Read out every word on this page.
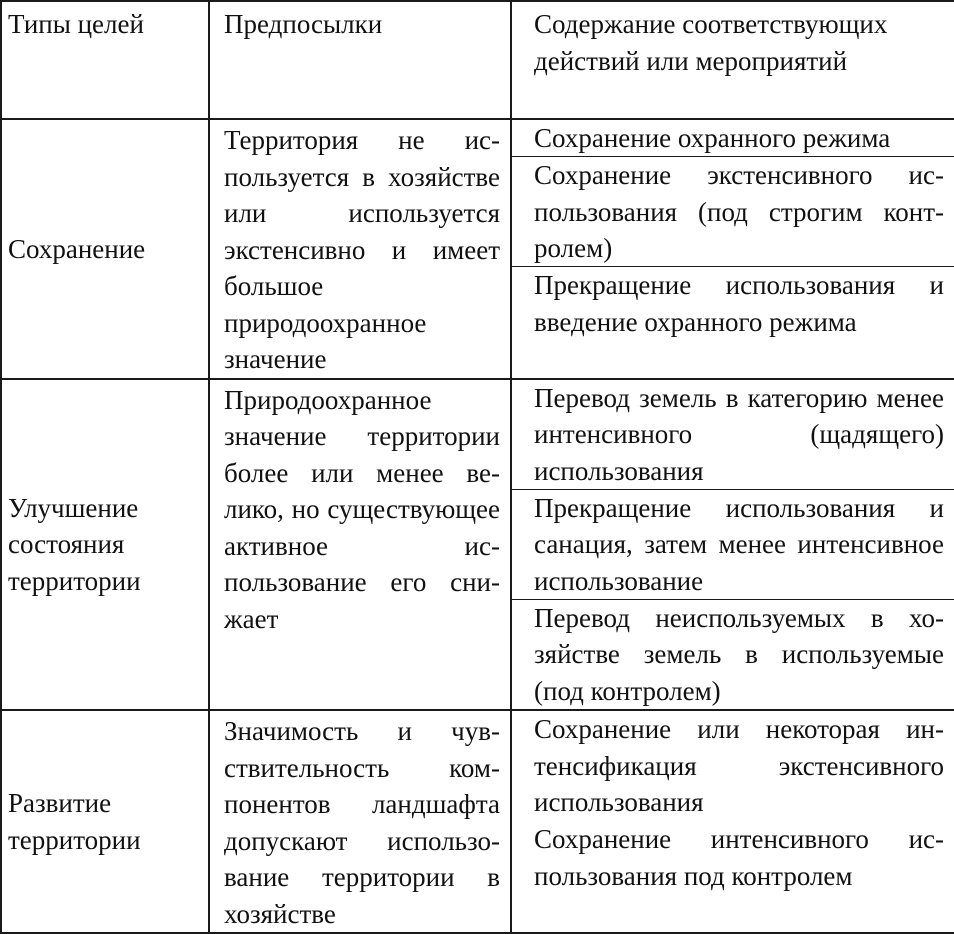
Типы целей	Предпосылки	Содержание соответствующих действий или мероприятий

Сохранение	Территория не используется в хозяйстве или используется экстенсивно и имеет большое природоохранное значение	Сохранение охранного режима
Сохранение экстенсивного использования (под строгим контролем)
Прекращение использования и введение охранного режима

Улучшение состояния территории	Природоохранное значение территории более или менее велико, но существующее активное использование его снижает	Перевод земель в категорию менее интенсивного (щадящего) использования
Прекращение использования и санация, затем менее интенсивное использование
Перевод неиспользуемых в хозяйстве земель в используемые (под контролем)

Развитие территории	Значимость и чувствительность компонентов ландшафта допускают использование территории в хозяйстве	Сохранение или некоторая интенсификация экстенсивного использования
Сохранение интенсивного использования под контролем
